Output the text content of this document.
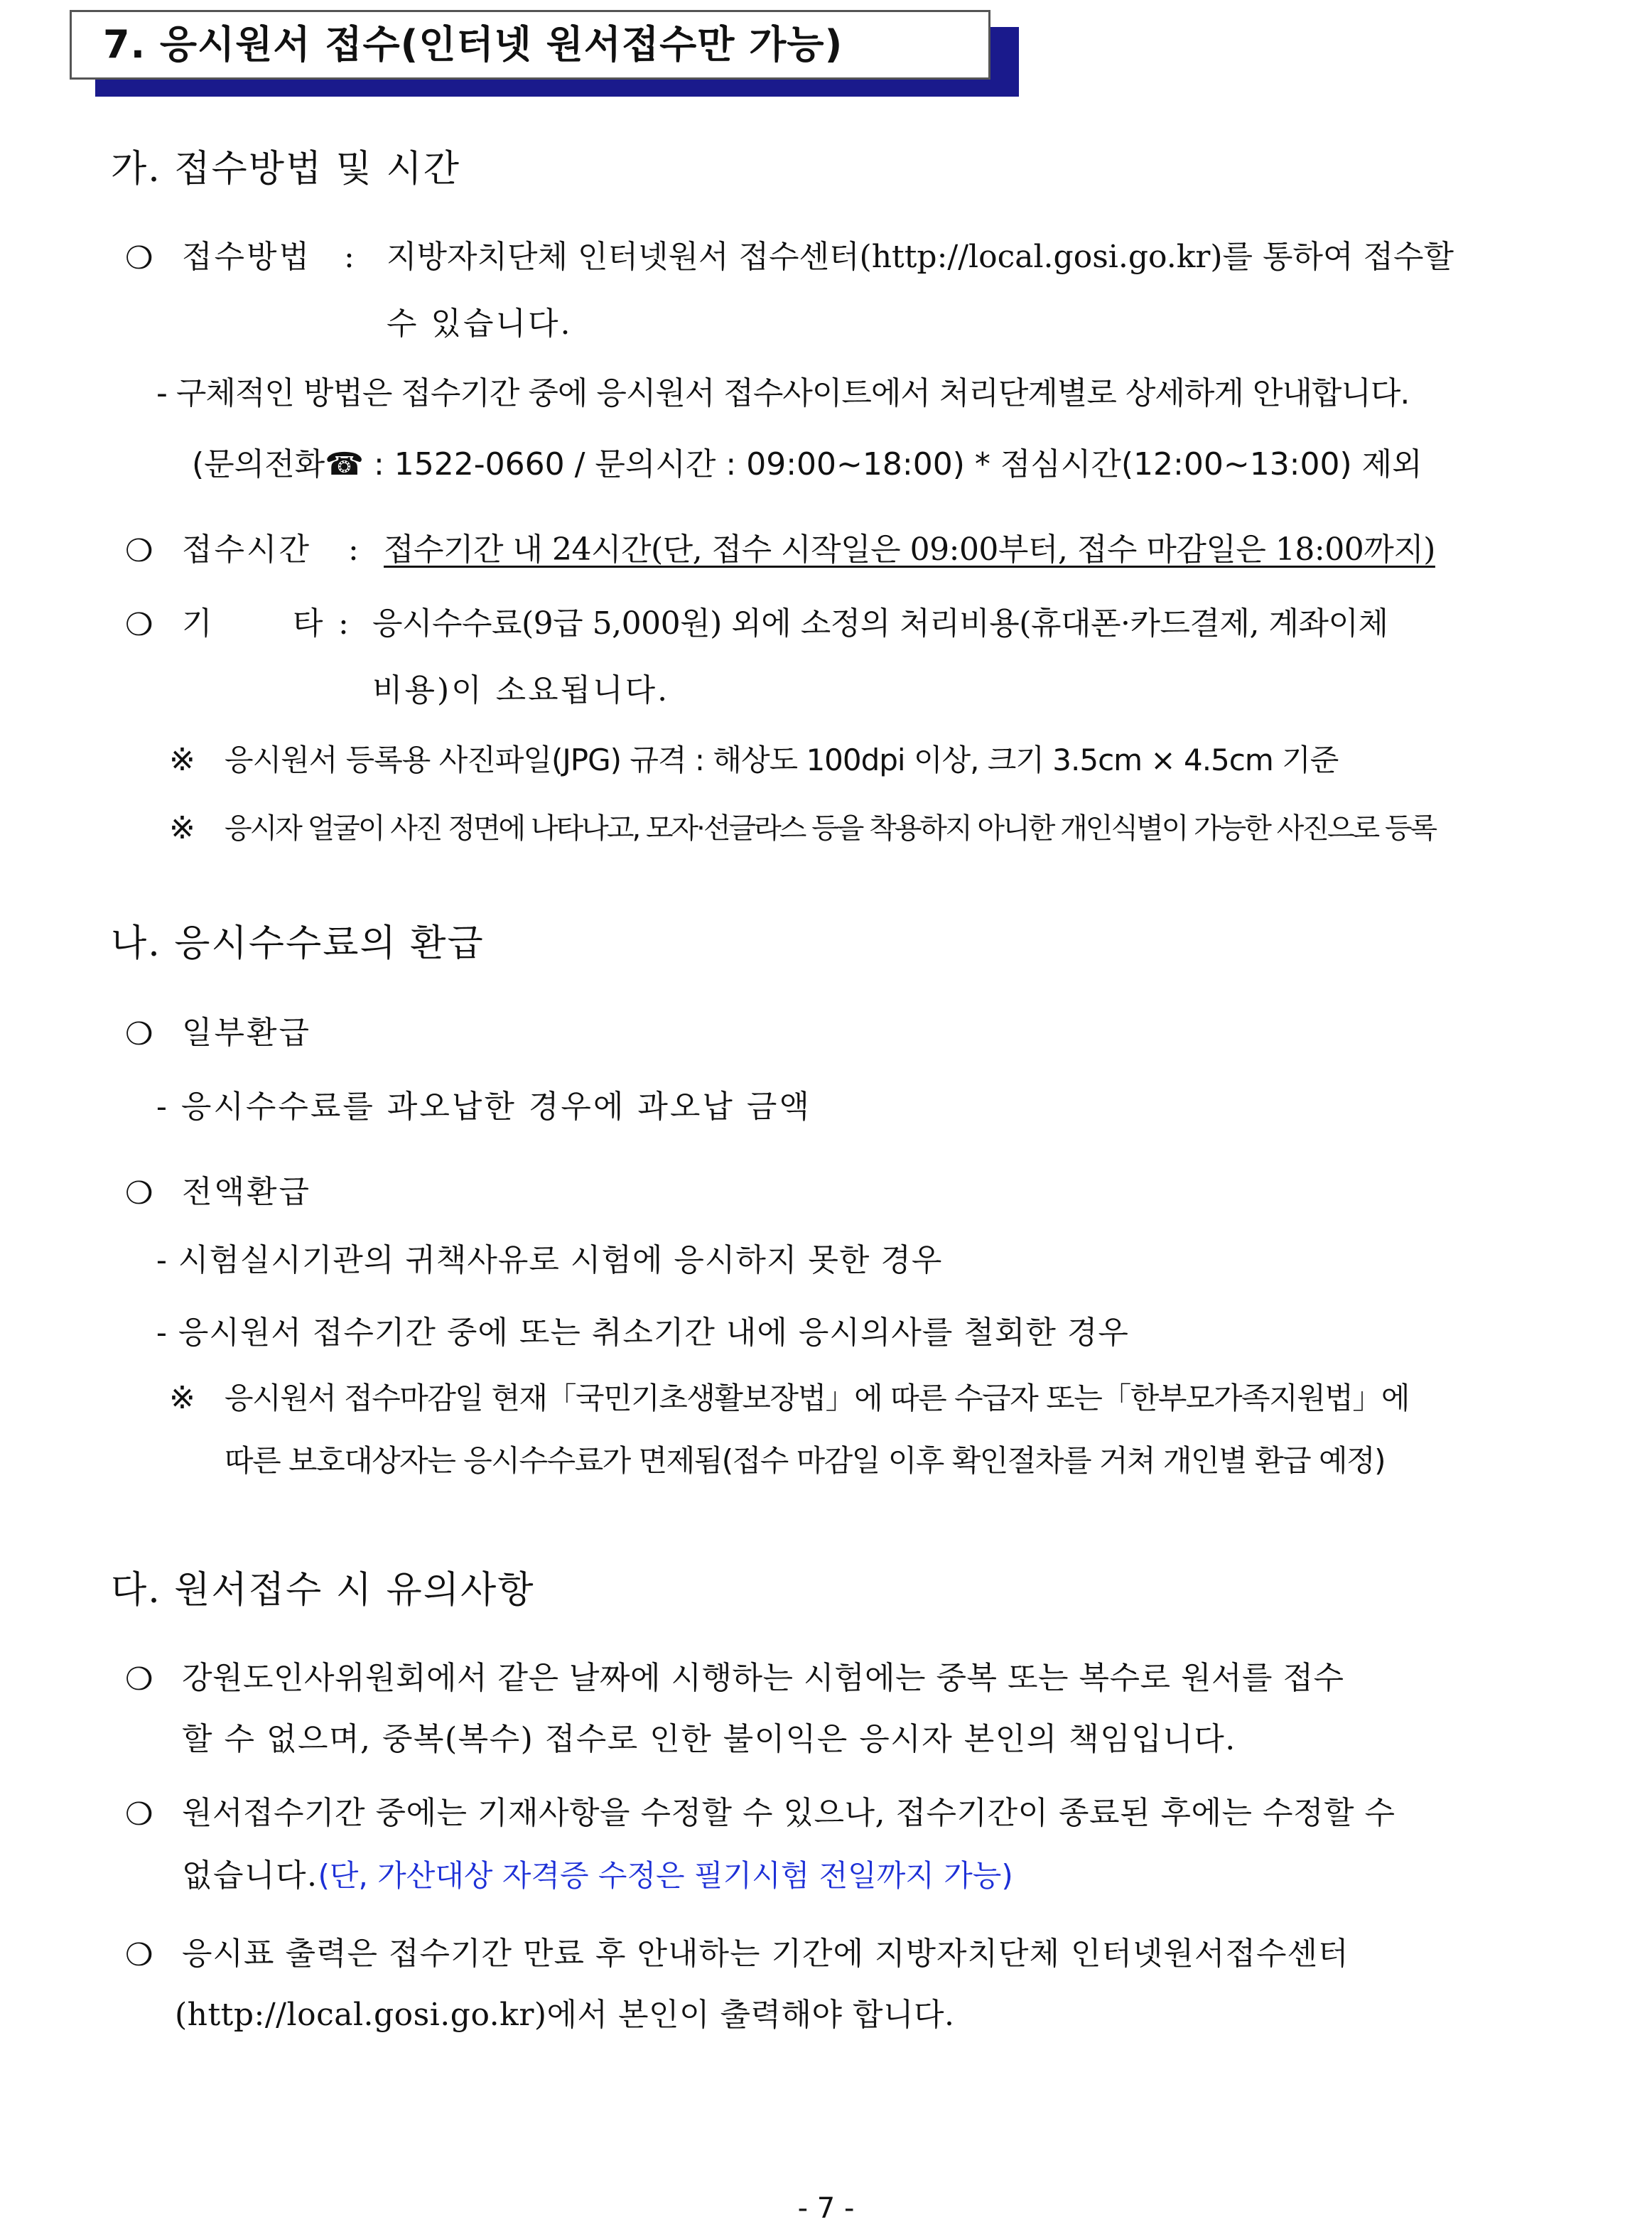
7. 응시원서 접수(인터넷 원서접수만 가능)
가. 접수방법 및 시간
❍ 접수방법 : 지방자치단체 인터넷원서 접수센터(http://local.gosi.go.kr)를 통하여 접수할
수 있습니다.
- 구체적인 방법은 접수기간 중에 응시원서 접수사이트에서 처리단계별로 상세하게 안내합니다.
(문의전화☎ : 1522-0660 / 문의시간 : 09:00~18:00) * 점심시간(12:00~13:00) 제외
❍ 접수시간 : 접수기간 내 24시간(단, 접수 시작일은 09:00부터, 접수 마감일은 18:00까지)
❍ 기	타 : 응시수수료(9급 5,000원) 외에 소정의 처리비용(휴대폰·카드결제, 계좌이체
비용)이 소요됩니다.
※ 응시원서 등록용 사진파일(JPG) 규격 : 해상도 100dpi 이상, 크기 3.5cm × 4.5cm 기준
※ 응시자 얼굴이 사진 정면에 나타나고, 모자·선글라스 등을 착용하지 아니한 개인식별이 가능한 사진으로 등록
나. 응시수수료의 환급
❍ 일부환급
- 응시수수료를 과오납한 경우에 과오납 금액
❍ 전액환급
- 시험실시기관의 귀책사유로 시험에 응시하지 못한 경우
- 응시원서 접수기간 중에 또는 취소기간 내에 응시의사를 철회한 경우
※ 응시원서 접수마감일 현재「국민기초생활보장법」에 따른 수급자 또는「한부모가족지원법」에
따른 보호대상자는 응시수수료가 면제됨(접수 마감일 이후 확인절차를 거쳐 개인별 환급 예정)
다. 원서접수 시 유의사항
❍ 강원도인사위원회에서 같은 날짜에 시행하는 시험에는 중복 또는 복수로 원서를 접수
할 수 없으며, 중복(복수) 접수로 인한 불이익은 응시자 본인의 책임입니다.
❍ 원서접수기간 중에는 기재사항을 수정할 수 있으나, 접수기간이 종료된 후에는 수정할 수
없습니다.(단, 가산대상 자격증 수정은 필기시험 전일까지 가능)
❍ 응시표 출력은 접수기간 만료 후 안내하는 기간에 지방자치단체 인터넷원서접수센터
(http://local.gosi.go.kr)에서 본인이 출력해야 합니다.
- 7 -
